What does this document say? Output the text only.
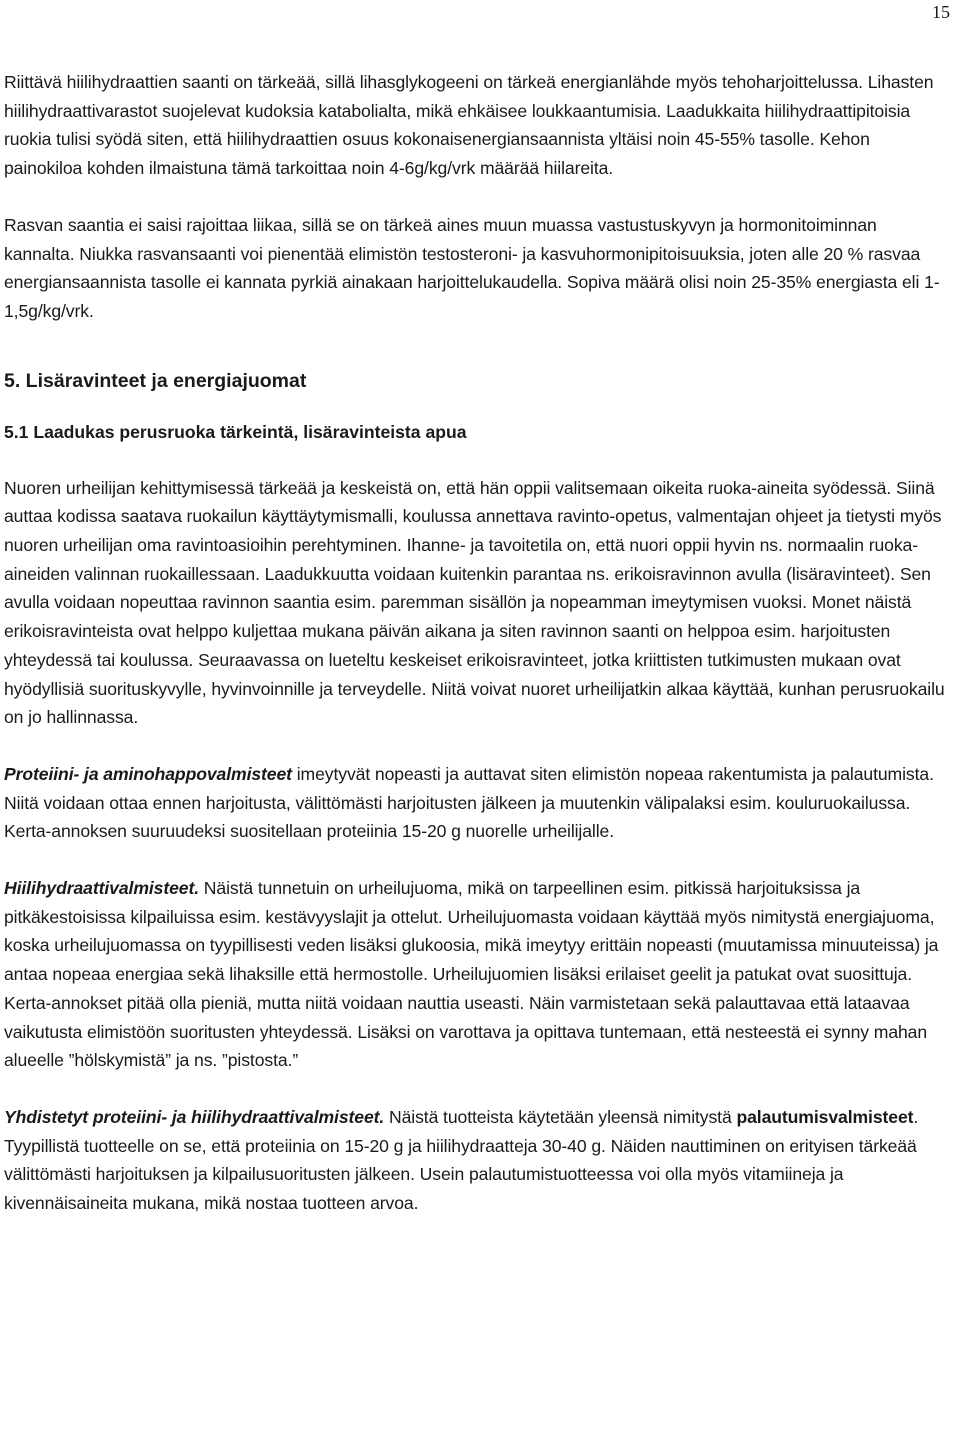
15

Riittävä hiilihydraattien saanti on tärkeää, sillä lihasglykogeeni on tärkeä energianlähde myös tehoharjoittelussa. Lihasten hiilihydraattivarastot suojelevat kudoksia katabolialta, mikä ehkäisee loukkaantumisia. Laadukkaita hiilihydraattipitoisia ruokia tulisi syödä siten, että hiilihydraattien osuus kokonaisenergiansaannista yltäisi noin 45-55% tasolle. Kehon painokiloa kohden ilmaistuna tämä tarkoittaa noin 4-6g/kg/vrk määrää hiilareita.

Rasvan saantia ei saisi rajoittaa liikaa, sillä se on tärkeä aines muun muassa vastustuskyvyn ja hormonitoiminnan kannalta. Niukka rasvansaanti voi pienentää elimistön testosteroni- ja kasvuhormonipitoisuuksia, joten alle 20 % rasvaa energiansaannista tasolle ei kannata pyrkiä ainakaan harjoittelukaudella. Sopiva määrä olisi noin 25-35% energiasta eli 1-1,5g/kg/vrk.

5. Lisäravinteet ja energiajuomat
5.1 Laadukas perusruoka tärkeintä, lisäravinteista apua

Nuoren urheilijan kehittymisessä tärkeää ja keskeistä on, että hän oppii valitsemaan oikeita ruoka-aineita syödessä. Siinä auttaa kodissa saatava ruokailun käyttäytymismalli, koulussa annettava ravinto-opetus, valmentajan ohjeet ja tietysti myös nuoren urheilijan oma ravintoasioihin perehtyminen. Ihanne- ja tavoitetila on, että nuori oppii hyvin ns. normaalin ruoka-aineiden valinnan ruokaillessaan. Laadukkuutta voidaan kuitenkin parantaa ns. erikoisravinnon avulla (lisäravinteet). Sen avulla voidaan nopeuttaa ravinnon saantia esim. paremman sisällön ja nopeamman imeytymisen vuoksi. Monet näistä erikoisravinteista ovat helppo kuljettaa mukana päivän aikana ja siten ravinnon saanti on helppoa esim. harjoitusten yhteydessä tai koulussa. Seuraavassa on lueteltu keskeiset erikoisravinteet, jotka kriittisten tutkimusten mukaan ovat hyödyllisiä suorituskyvylle, hyvinvoinnille ja terveydelle. Niitä voivat nuoret urheilijatkin alkaa käyttää, kunhan perusruokailu on jo hallinnassa.

Proteiini- ja aminohappovalmisteet imeytyvät nopeasti ja auttavat siten elimistön nopeaa rakentumista ja palautumista. Niitä voidaan ottaa ennen harjoitusta, välittömästi harjoitusten jälkeen ja muutenkin välipalaksi esim. kouluruokailussa. Kerta-annoksen suuruudeksi suositellaan proteiinia 15-20 g nuorelle urheilijalle.

Hiilihydraattivalmisteet. Näistä tunnetuin on urheilujuoma, mikä on tarpeellinen esim. pitkissä harjoituksissa ja pitkäkestoisissa kilpailuissa esim. kestävyyslajit ja ottelut. Urheilujuomasta voidaan käyttää myös nimitystä energiajuoma, koska urheilujuomassa on tyypillisesti veden lisäksi glukoosia, mikä imeytyy erittäin nopeasti (muutamissa minuuteissa) ja antaa nopeaa energiaa sekä lihaksille että hermostolle. Urheilujuomien lisäksi erilaiset geelit ja patukat ovat suosittuja. Kerta-annokset pitää olla pieniä, mutta niitä voidaan nauttia useasti. Näin varmistetaan sekä palauttavaa että lataavaa vaikutusta elimistöön suoritusten yhteydessä. Lisäksi on varottava ja opittava tuntemaan, että nesteestä ei synny mahan alueelle ”hölskymistä” ja ns. ”pistosta.”

Yhdistetyt proteiini- ja hiilihydraattivalmisteet. Näistä tuotteista käytetään yleensä nimitystä palautumisvalmisteet. Tyypillistä tuotteelle on se, että proteiinia on 15-20 g ja hiilihydraatteja 30-40 g. Näiden nauttiminen on erityisen tärkeää välittömästi harjoituksen ja kilpailusuoritusten jälkeen. Usein palautumistuotteessa voi olla myös vitamiineja ja kivennäisaineita mukana, mikä nostaa tuotteen arvoa.
